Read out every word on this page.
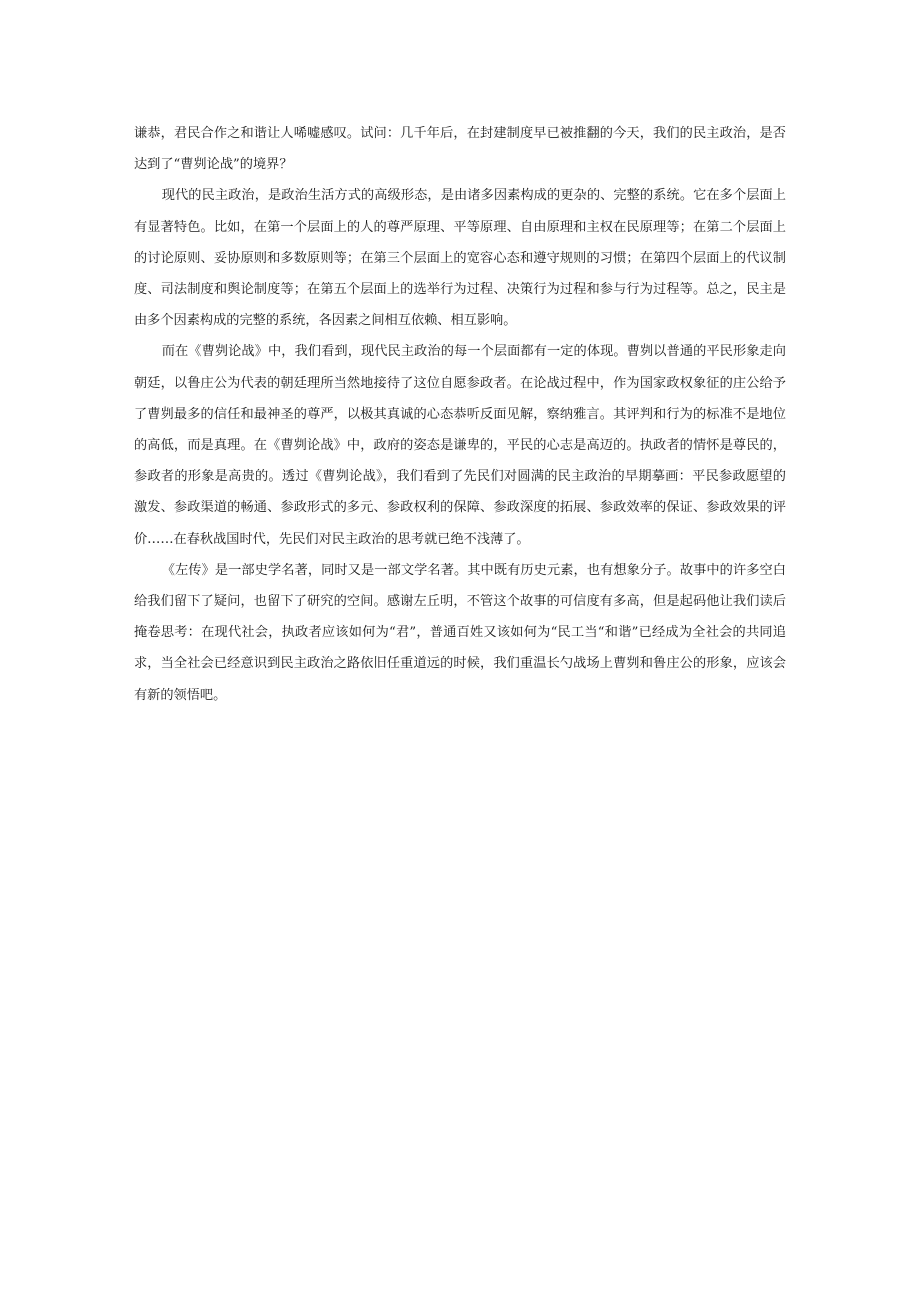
谦恭，君民合作之和谐让人唏嘘感叹。试问：几千年后，在封建制度早已被推翻的今天，我们的民主政治，是否达到了“曹刿论战”的境界？

现代的民主政治，是政治生活方式的高级形态，是由诸多因素构成的更杂的、完整的系统。它在多个层面上有显著特色。比如，在第一个层面上的人的尊严原理、平等原理、自由原理和主权在民原理等；在第二个层面上的讨论原则、妥协原则和多数原则等；在第三个层面上的宽容心态和遵守规则的习惯；在第四个层面上的代议制度、司法制度和舆论制度等；在第五个层面上的选举行为过程、决策行为过程和参与行为过程等。总之，民主是由多个因素构成的完整的系统，各因素之间相互依赖、相互影响。

而在《曹刿论战》中，我们看到，现代民主政治的每一个层面都有一定的体现。曹刿以普通的平民形象走向朝廷，以鲁庄公为代表的朝廷理所当然地接待了这位自愿参政者。在论战过程中，作为国家政权象征的庄公给予了曹刿最多的信任和最神圣的尊严，以极其真诚的心态恭听反面见解，察纳雅言。其评判和行为的标准不是地位的高低，而是真理。在《曹刿论战》中，政府的姿态是谦卑的，平民的心志是高迈的。执政者的情怀是尊民的，参政者的形象是高贵的。透过《曹刿论战》，我们看到了先民们对圆满的民主政治的早期摹画：平民参政愿望的激发、参政渠道的畅通、参政形式的多元、参政权利的保障、参政深度的拓展、参政效率的保证、参政效果的评价……在春秋战国时代，先民们对民主政治的思考就已绝不浅薄了。

《左传》是一部史学名著，同时又是一部文学名著。其中既有历史元素，也有想象分子。故事中的许多空白给我们留下了疑问，也留下了研究的空间。感谢左丘明，不管这个故事的可信度有多高，但是起码他让我们读后掩卷思考：在现代社会，执政者应该如何为“君”，普通百姓又该如何为“民工当“和谐”已经成为全社会的共同追求，当全社会已经意识到民主政治之路依旧任重道远的时候，我们重温长勺战场上曹刿和鲁庄公的形象，应该会有新的领悟吧。
